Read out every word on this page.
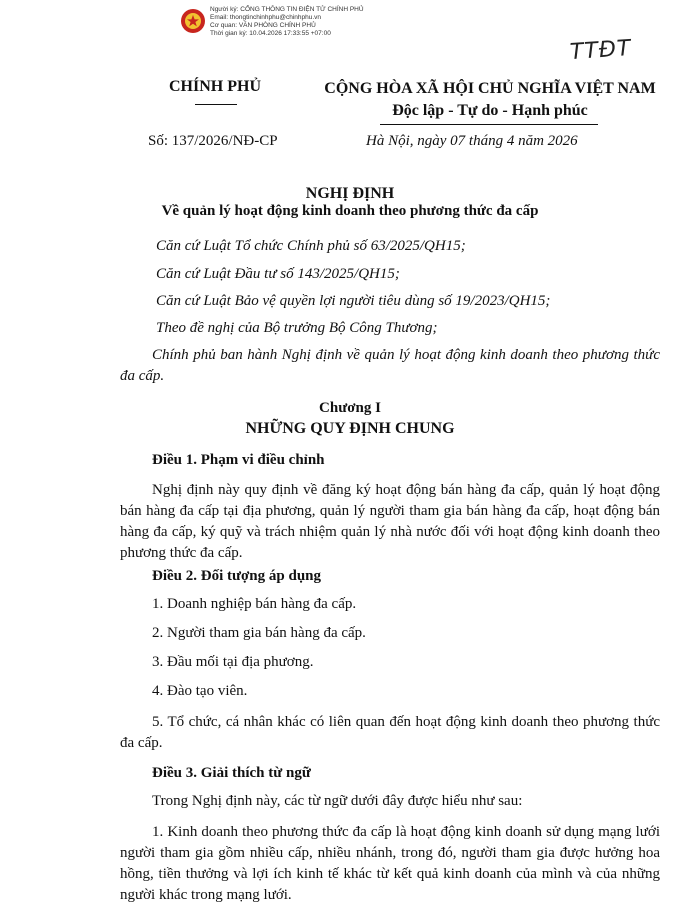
Người ký: CỔNG THÔNG TIN ĐIỆN TỬ CHÍNH PHỦ
Email: thongtinchinhphu@chinhphu.vn
Cơ quan: VĂN PHÒNG CHÍNH PHỦ
Thời gian ký: 10.04.2026 17:33:55 +07:00
TTĐT
CHÍNH PHỦ	CỘNG HÒA XÃ HỘI CHỦ NGHĨA VIỆT NAM
Độc lập - Tự do - Hạnh phúc
Số: 137/2026/NĐ-CP	Hà Nội, ngày 07 tháng 4 năm 2026
NGHỊ ĐỊNH
Về quản lý hoạt động kinh doanh theo phương thức đa cấp
Căn cứ Luật Tổ chức Chính phủ số 63/2025/QH15;
Căn cứ Luật Đầu tư số 143/2025/QH15;
Căn cứ Luật Bảo vệ quyền lợi người tiêu dùng số 19/2023/QH15;
Theo đề nghị của Bộ trưởng Bộ Công Thương;
Chính phủ ban hành Nghị định về quản lý hoạt động kinh doanh theo phương thức đa cấp.
Chương I
NHỮNG QUY ĐỊNH CHUNG
Điều 1. Phạm vi điều chỉnh
Nghị định này quy định về đăng ký hoạt động bán hàng đa cấp, quản lý hoạt động bán hàng đa cấp tại địa phương, quản lý người tham gia bán hàng đa cấp, hoạt động bán hàng đa cấp, ký quỹ và trách nhiệm quản lý nhà nước đối với hoạt động kinh doanh theo phương thức đa cấp.
Điều 2. Đối tượng áp dụng
1. Doanh nghiệp bán hàng đa cấp.
2. Người tham gia bán hàng đa cấp.
3. Đầu mối tại địa phương.
4. Đào tạo viên.
5. Tổ chức, cá nhân khác có liên quan đến hoạt động kinh doanh theo phương thức đa cấp.
Điều 3. Giải thích từ ngữ
Trong Nghị định này, các từ ngữ dưới đây được hiểu như sau:
1. Kinh doanh theo phương thức đa cấp là hoạt động kinh doanh sử dụng mạng lưới người tham gia gồm nhiều cấp, nhiều nhánh, trong đó, người tham gia được hưởng hoa hồng, tiền thưởng và lợi ích kinh tế khác từ kết quả kinh doanh của mình và của những người khác trong mạng lưới.
